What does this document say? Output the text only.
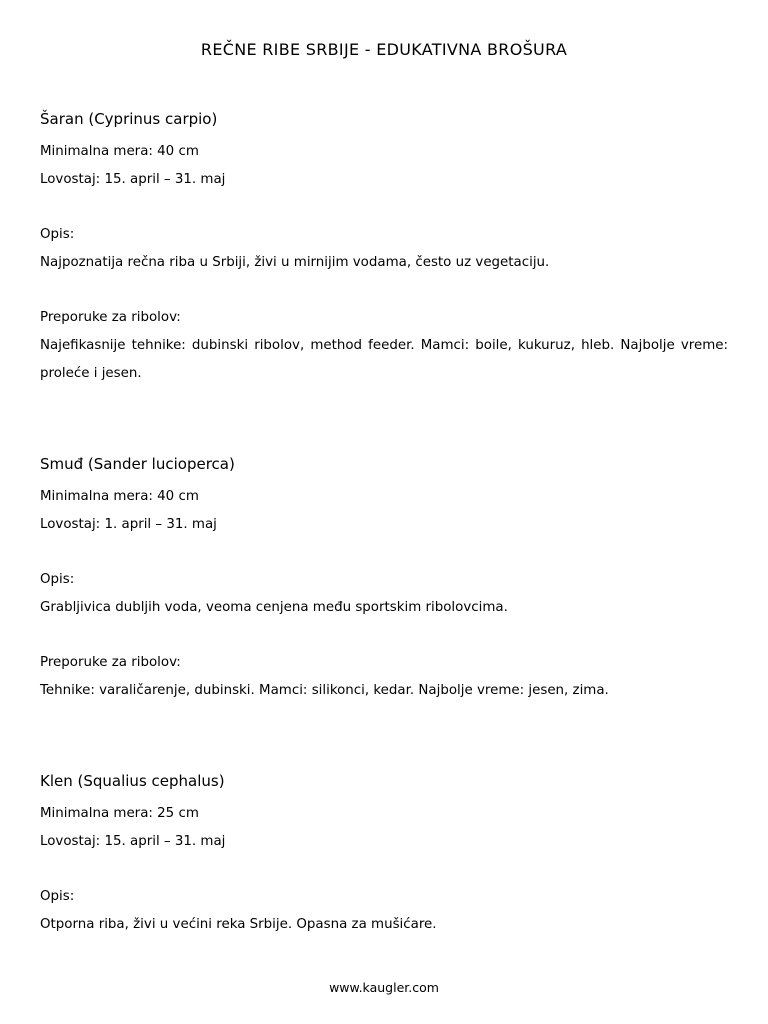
REČNE RIBE SRBIJE - EDUKATIVNA BROŠURA
Šaran (Cyprinus carpio)

Minimalna mera: 40 cm

Lovostaj: 15. april – 31. maj

Opis:

Najpoznatija rečna riba u Srbiji, živi u mirnijim vodama, često uz vegetaciju.

Preporuke za ribolov:

Najefikasnije tehnike: dubinski ribolov, method feeder. Mamci: boile, kukuruz, hleb. Najbolje vreme: proleće i jesen.

Smuđ (Sander lucioperca)

Minimalna mera: 40 cm

Lovostaj: 1. april – 31. maj

Opis:

Grabljivica dubljih voda, veoma cenjena među sportskim ribolovcima.

Preporuke za ribolov:

Tehnike: varaličarenje, dubinski. Mamci: silikonci, kedar. Najbolje vreme: jesen, zima.

Klen (Squalius cephalus)

Minimalna mera: 25 cm

Lovostaj: 15. april – 31. maj

Opis:

Otporna riba, živi u većini reka Srbije. Opasna za mušićare.

www.kaugler.com
